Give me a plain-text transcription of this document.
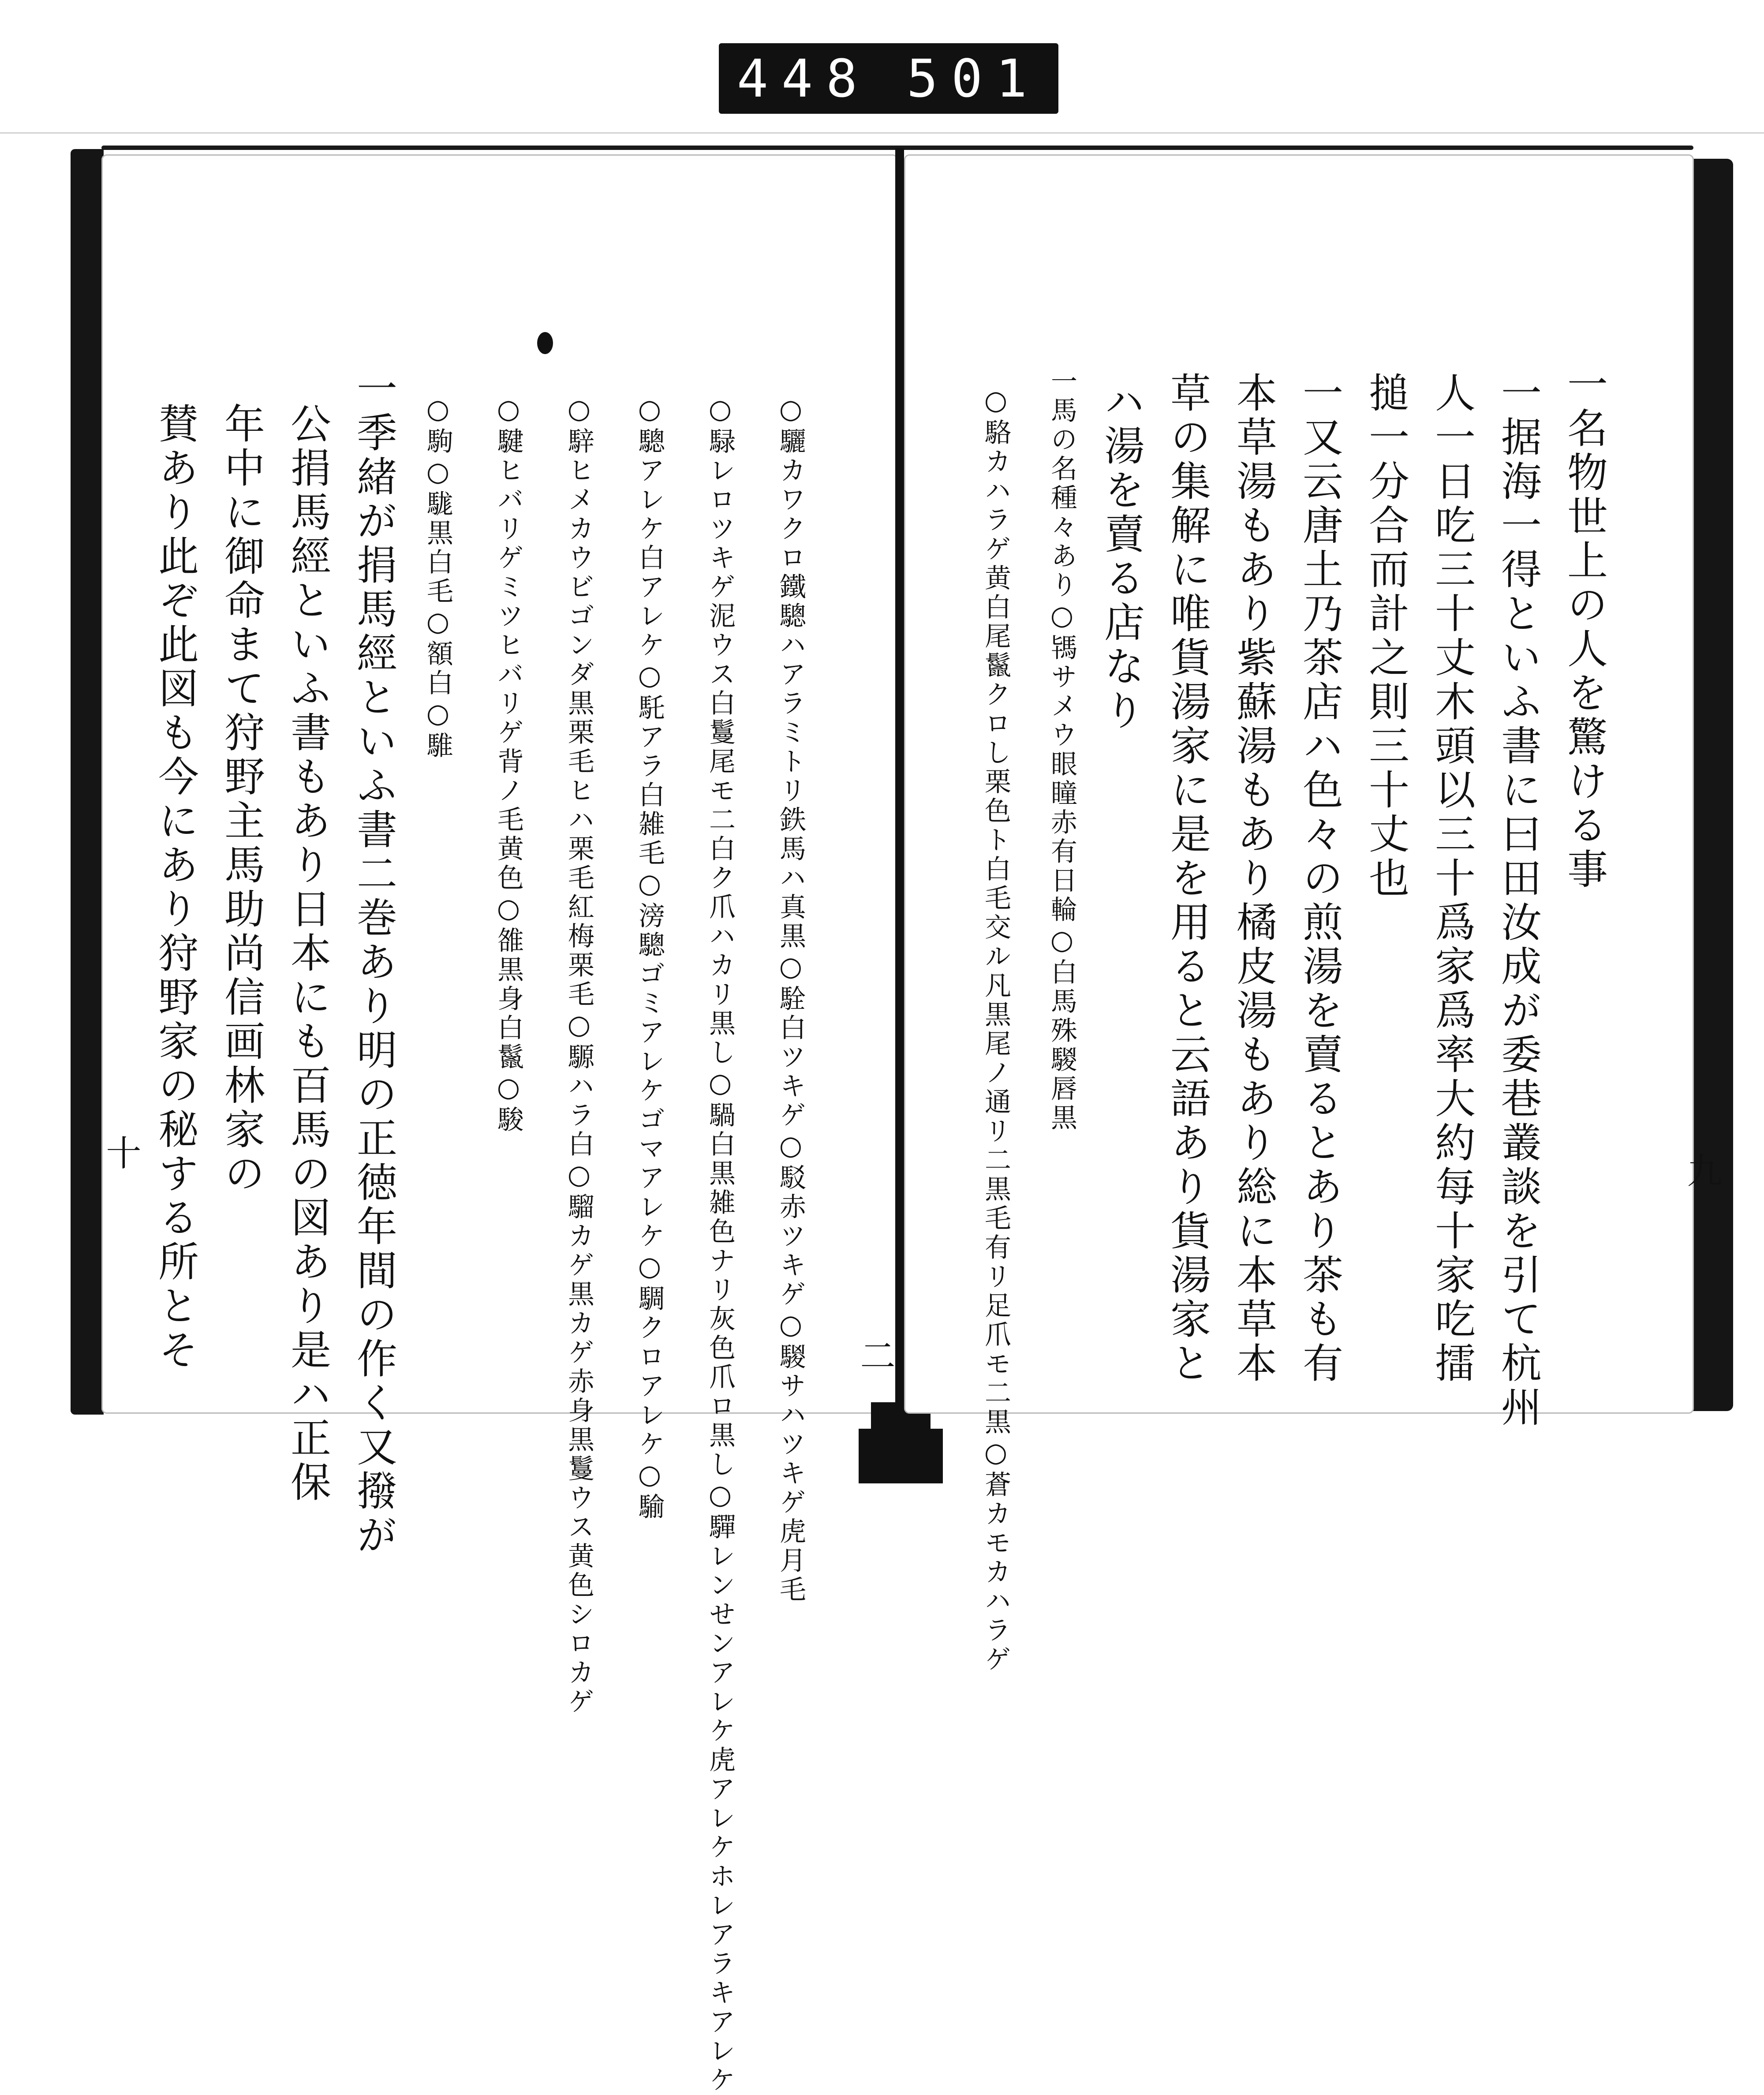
448 501
○驪カワクロ鐵驄ハアラミトリ鉄馬ハ真黒○駩白ツキゲ○駁赤ツキゲ○騣サハツキゲ虎月毛
○騄レロツキゲ泥ウス白鬘尾モ二白ク爪ハカリ黒し○騧白黒雑色ナリ灰色爪ロ黒し○驒レンせンアレケ虎アレケホレアラキアレケ
○驄アレケ白アレケ○馲アラ白雑毛○滂驄ゴミアレケゴマアレケ○騆クロアレケ○騟
○騂ヒメカウビゴンダ黒栗毛ヒハ栗毛紅梅栗毛○騵ハラ白○騮カゲ黒カゲ赤身黒鬘ウス黄色シロカゲ
○騝ヒバリゲミツヒバリゲ背ノ毛黄色○雒黒身白鬣○駿
○駒○駹黒白毛○額白○騅
一季緒が捐馬經といふ書二巻あり明の正徳年間の作く又撥が
公捐馬經といふ書もあり日本にも百馬の図あり是ハ正保
年中に御命まて狩野主馬助尚信画林家の
賛あり此ぞ此図も今にあり狩野家の秘する所とそ
十
二
一名物世上の人を驚ける事
一据海一得といふ書に曰田汝成が委巷叢談を引て杭州
人一日吃三十丈木頭以三十爲家爲率大約每十家吃擂
搥一分合而計之則三十丈也
一又云唐土乃茶店ハ色々の煎湯を賣るとあり茶も有
本草湯もあり紫蘇湯もあり橘皮湯もあり総に本草本
草の集解に唯貨湯家に是を用ると云語あり貨湯家と
ハ湯を賣る店なり
一馬の名種々あり○駂サメウ眼瞳赤有日輪○白馬殊騣唇黒
○駱カハラゲ黄白尾鬣クロし栗色ト白毛交ル凡黒尾ノ通リ二黒毛有リ足爪モ二黒○蒼カモカハラゲ	九
